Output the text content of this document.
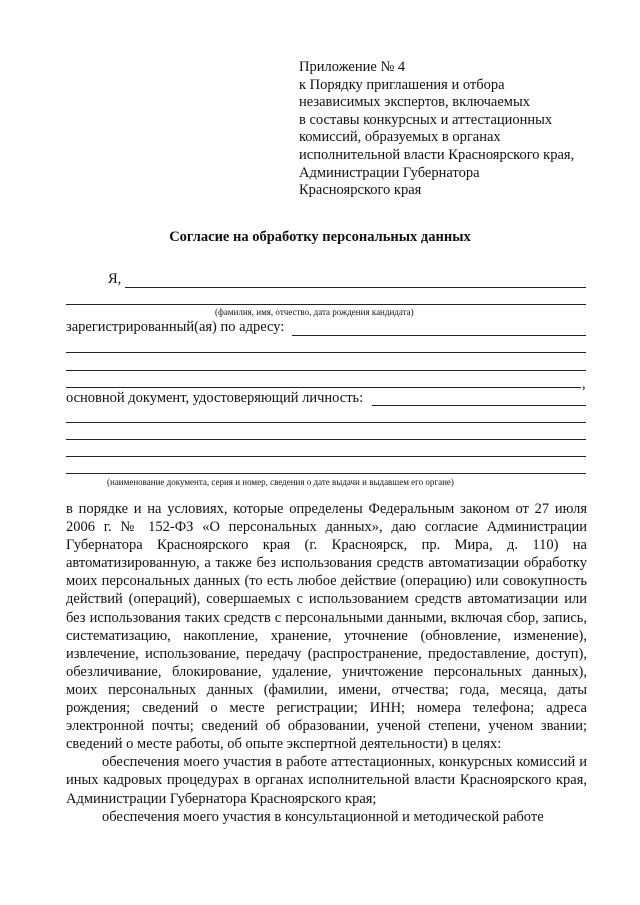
Приложение № 4
к Порядку приглашения и отбора
независимых экспертов, включаемых
в составы конкурсных и аттестационных
комиссий, образуемых в органах
исполнительной власти Красноярского края,
Администрации Губернатора
Красноярского края
Согласие на обработку персональных данных
Я,
(фамилия, имя, отчество, дата рождения кандидата)
зарегистрированный(ая) по адресу:
,
основной документ, удостоверяющий личность:
(наименование документа, серия и номер, сведения о дате выдачи и выдавшем его органе)

в порядке и на условиях, которые определены Федеральным законом от 27 июля 2006 г. № 152-ФЗ «О персональных данных», даю согласие Администрации Губернатора Красноярского края (г. Красноярск, пр. Мира, д. 110) на автоматизированную, а также без использования средств автоматизации обработку моих персональных данных (то есть любое действие (операцию) или совокупность действий (операций), совершаемых с использованием средств автоматизации или без использования таких средств с персональными данными, включая сбор, запись, систематизацию, накопление, хранение, уточнение (обновление, изменение), извлечение, использование, передачу (распространение, предоставление, доступ), обезличивание, блокирование, удаление, уничтожение персональных данных), моих персональных данных (фамилии, имени, отчества; года, месяца, даты рождения; сведений о месте регистрации; ИНН; номера телефона; адреса электронной почты; сведений об образовании, ученой степени, ученом звании; сведений о месте работы, об опыте экспертной деятельности) в целях:

обеспечения моего участия в работе аттестационных, конкурсных комиссий и иных кадровых процедурах в органах исполнительной власти Красноярского края, Администрации Губернатора Красноярского края;

обеспечения моего участия в консультационной и методической работе
